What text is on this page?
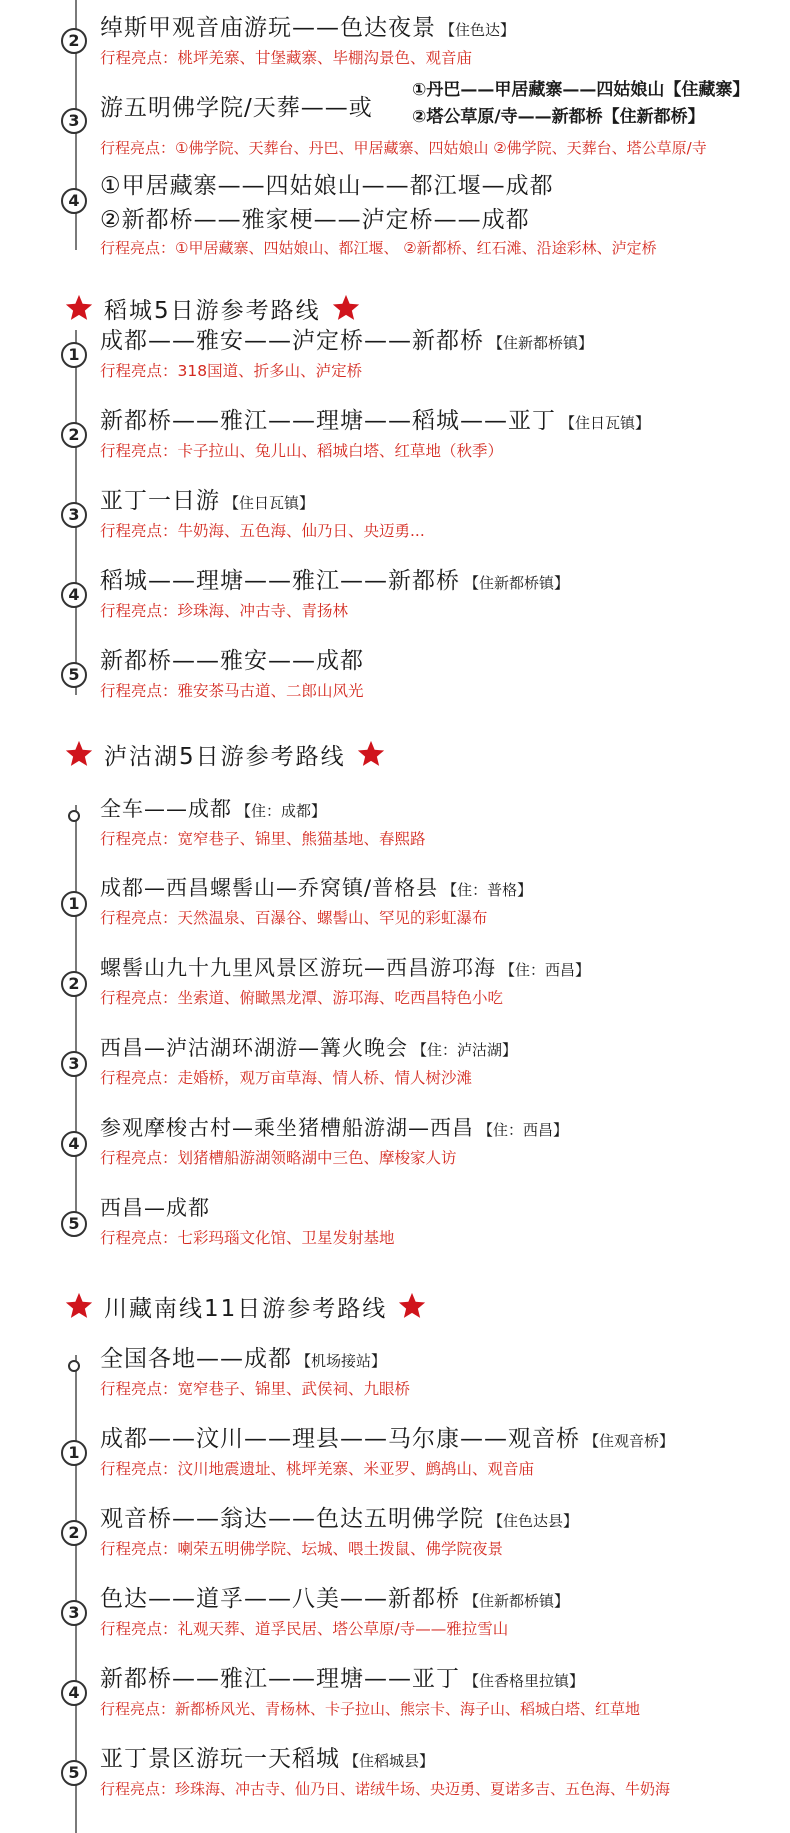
2 绰斯甲观音庙游玩——色达夜景 【住色达】
行程亮点：桃坪羌寨、甘堡藏寨、毕棚沟景色、观音庙
3 游五明佛学院/天葬——或
①丹巴——甲居藏寨——四姑娘山【住藏寨】
②塔公草原/寺——新都桥【住新都桥】
行程亮点：①佛学院、天葬台、丹巴、甲居藏寨、四姑娘山 ②佛学院、天葬台、塔公草原/寺
4
①甲居藏寨——四姑娘山——都江堰—成都
②新都桥——雅家梗——泸定桥——成都
行程亮点：①甲居藏寨、四姑娘山、都江堰、 ②新都桥、红石滩、沿途彩林、泸定桥
稻城5日游参考路线
1
成都——雅安——泸定桥——新都桥 【住新都桥镇】
行程亮点：318国道、折多山、泸定桥
2
新都桥——雅江——理塘——稻城——亚丁 【住日瓦镇】
行程亮点：卡子拉山、兔儿山、稻城白塔、红草地（秋季）
3
亚丁一日游 【住日瓦镇】
行程亮点：牛奶海、五色海、仙乃日、央迈勇...
4
稻城——理塘——雅江——新都桥 【住新都桥镇】
行程亮点：珍珠海、冲古寺、青扬林
5
新都桥——雅安——成都
行程亮点：雅安茶马古道、二郎山风光
泸沽湖5日游参考路线
全车——成都 【住：成都】
行程亮点：宽窄巷子、锦里、熊猫基地、春熙路
1
成都—西昌螺髻山—乔窝镇/普格县 【住：普格】
行程亮点：天然温泉、百瀑谷、螺髻山、罕见的彩虹瀑布
2
螺髻山九十九里风景区游玩—西昌游邛海 【住：西昌】
行程亮点：坐索道、俯瞰黑龙潭、游邛海、吃西昌特色小吃
3
西昌—泸沽湖环湖游—篝火晚会 【住：泸沽湖】
行程亮点：走婚桥，观万亩草海、情人桥、情人树沙滩
4
参观摩梭古村—乘坐猪槽船游湖—西昌 【住：西昌】
行程亮点：划猪槽船游湖领略湖中三色、摩梭家人访
5
西昌—成都
行程亮点：七彩玛瑙文化馆、卫星发射基地
川藏南线11日游参考路线
全国各地——成都 【机场接站】
行程亮点：宽窄巷子、锦里、武侯祠、九眼桥
1
成都——汶川——理县——马尔康——观音桥 【住观音桥】
行程亮点：汶川地震遗址、桃坪羌寨、米亚罗、鹧鸪山、观音庙
2
观音桥——翁达——色达五明佛学院 【住色达县】
行程亮点：喇荣五明佛学院、坛城、喂土拨鼠、佛学院夜景
3
色达——道孚——八美——新都桥 【住新都桥镇】
行程亮点：礼观天葬、道孚民居、塔公草原/寺——雅拉雪山
4
新都桥——雅江——理塘——亚丁 【住香格里拉镇】
行程亮点：新都桥风光、青杨林、卡子拉山、熊宗卡、海子山、稻城白塔、红草地
5
亚丁景区游玩一天稻城 【住稻城县】
行程亮点：珍珠海、冲古寺、仙乃日、诺绒牛场、央迈勇、夏诺多吉、五色海、牛奶海
